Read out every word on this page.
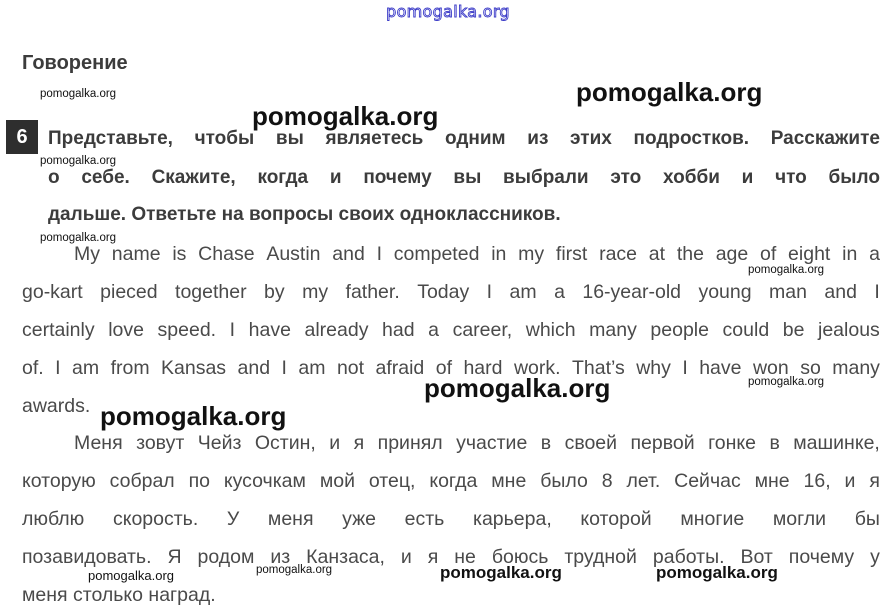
pomogalka.org
Говорение
6	Представьте, чтобы вы являетесь одним из этих подростков. Расскажите
о себе. Скажите, когда и почему вы выбрали это хобби и что было
дальше. Ответьте на вопросы своих одноклассников.
My name is Chase Austin and I competed in my first race at the age of eight in a
go-kart pieced together by my father. Today I am a 16-year-old young man and I
certainly love speed. I have already had a career, which many people could be jealous
of. I am from Kansas and I am not afraid of hard work. That’s why I have won so many
awards.
Меня зовут Чейз Остин, и я принял участие в своей первой гонке в машинке,
которую собрал по кусочкам мой отец, когда мне было 8 лет. Сейчас мне 16, и я
люблю скорость. У меня уже есть карьера, которой многие могли бы
позавидовать. Я родом из Канзаса, и я не боюсь трудной работы. Вот почему у
меня столько наград.
pomogalka.org	pomogalka.org
pomogalka.org
pomogalka.org
pomogalka.org
pomogalka.org
pomogalka.org	pomogalka.org
pomogalka.org
pomogalka.org
pomogalka.org	pomogalka.org	pomogalka.org
